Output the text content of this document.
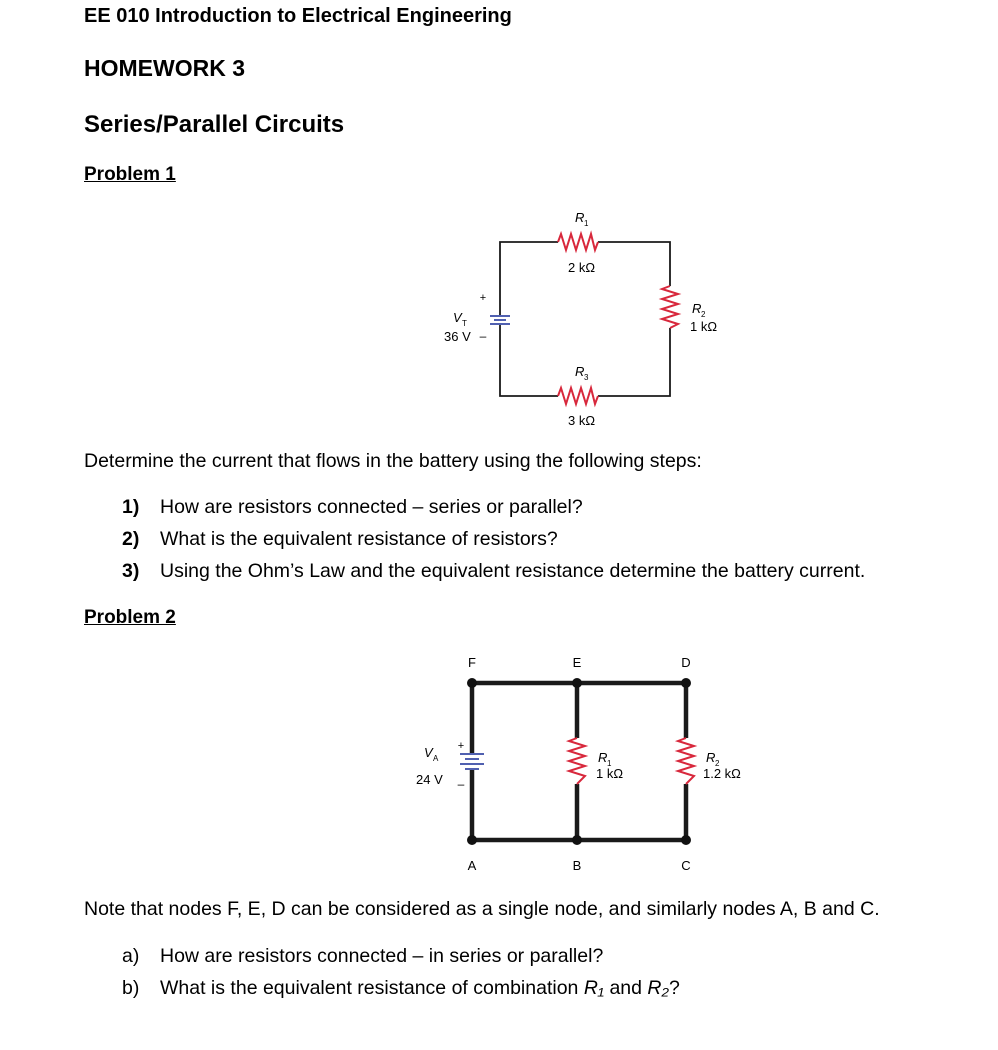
EE 010 Introduction to Electrical Engineering
HOMEWORK 3
Series/Parallel Circuits
Problem 1
+
–
V T
36 V
R 1
2 kΩ
R 2
1 kΩ
R 3
3 kΩ
Determine the current that flows in the battery using the following steps:
1) How are resistors connected – series or parallel?
2) What is the equivalent resistance of resistors?
3) Using the Ohm’s Law and the equivalent resistance determine the battery current.
Problem 2
+
–
V A
24 V
R 1
1 kΩ
R 2
1.2 kΩ
F	E	D
A	B	C
Note that nodes F, E, D can be considered as a single node, and similarly nodes A, B and C.
a) How are resistors connected – in series or parallel?
b) What is the equivalent resistance of combination R₁ and R₂?
